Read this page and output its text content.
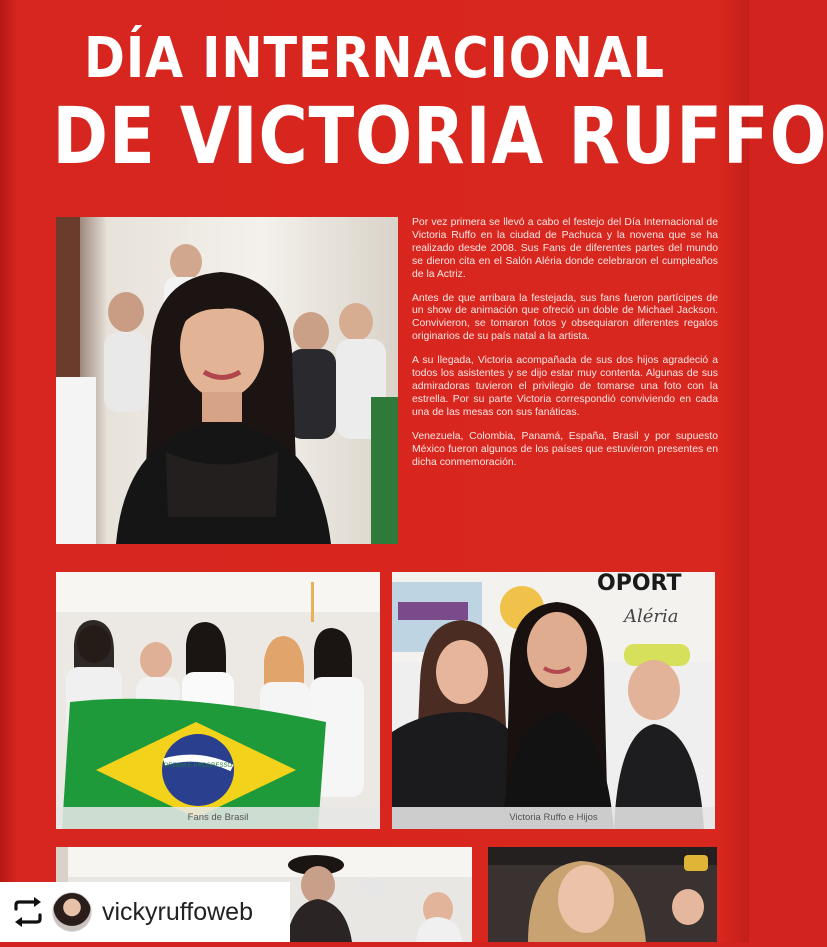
DÍA INTERNACIONAL
DE VICTORIA RUFFO

Por vez primera se llevó a cabo el festejo del Día Internacional de Victoria Ruffo en la ciudad de Pachuca y la novena que se ha realizado desde 2008. Sus Fans de diferentes partes del mundo se dieron cita en el Salón Aléria donde celebraron el cumpleaños de la Actriz.

Antes de que arribara la festejada, sus fans fueron partícipes de un show de animación que ofreció un doble de Michael Jackson. Convivieron, se tomaron fotos y obsequiaron diferentes regalos originarios de su país natal a la artista.

A su llegada, Victoria acompañada de sus dos hijos agradeció a todos los asistentes y se dijo estar muy contenta. Algunas de sus admiradoras tuvieron el privilegio de tomarse una foto con la estrella. Por su parte Victoria correspondió conviviendo en cada una de las mesas con sus fanáticas.

Venezuela, Colombia, Panamá, España, Brasil y por supuesto México fueron algunos de los países que estuvieron presentes en dicha conmemoración.

ORDEM E PROGRESSO
Fans de Brasil
OPORT
Aléria
Victoria Ruffo e Hijos
vickyruffoweb
